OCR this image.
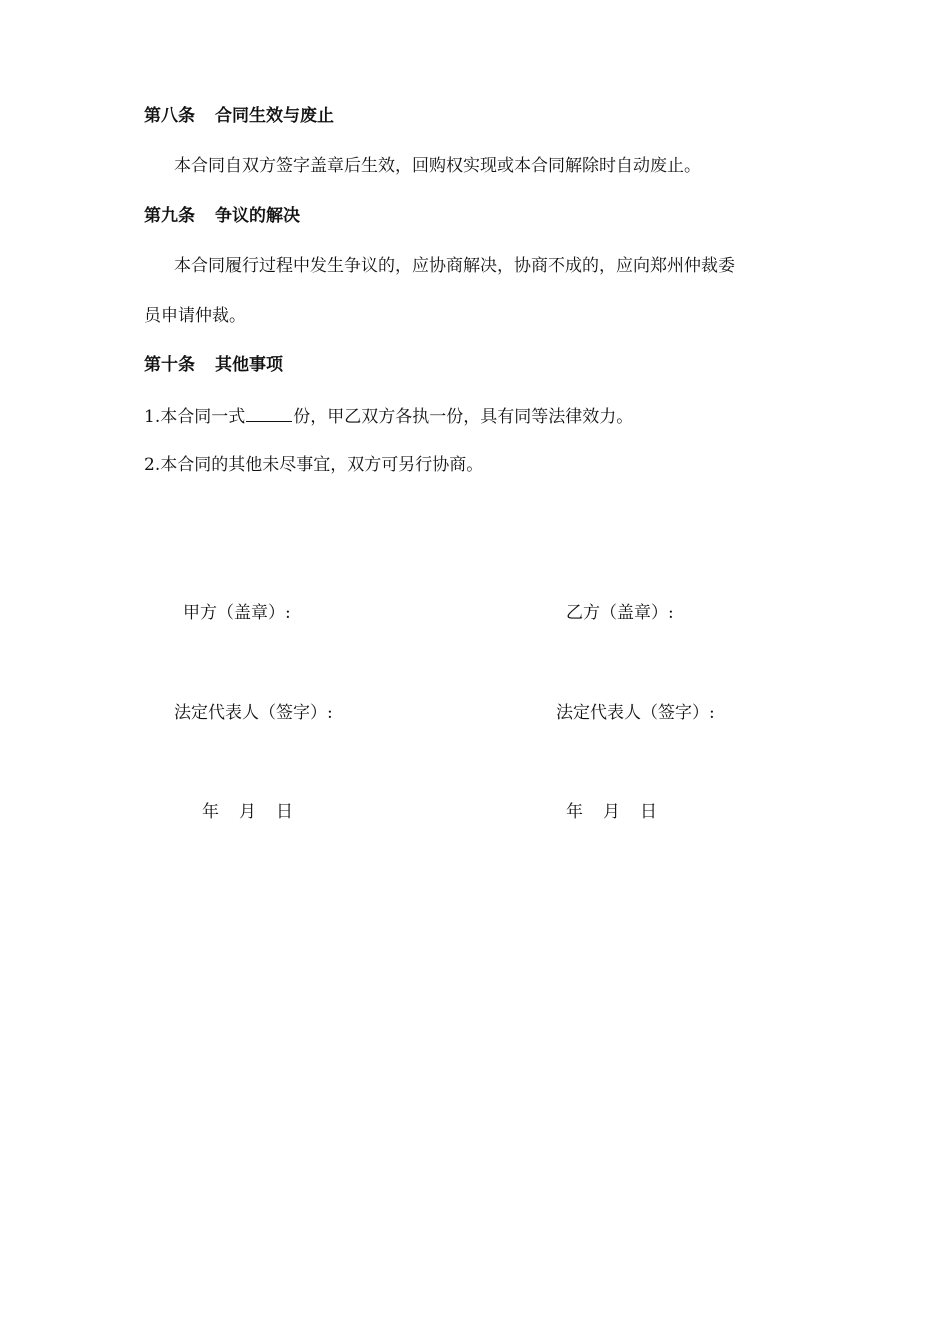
第八条 合同生效与废止
本合同自双方签字盖章后生效，回购权实现或本合同解除时自动废止。
第九条 争议的解决
本合同履行过程中发生争议的，应协商解决，协商不成的，应向郑州仲裁委
员申请仲裁。
第十条 其他事项
1.本合同一式	份，甲乙双方各执一份，具有同等法律效力。
2.本合同的其他未尽事宜，双方可另行协商。
甲方（盖章）:	乙方（盖章）:
法定代表人（签字）:	法定代表人（签字）:
年 月 日	年 月 日
